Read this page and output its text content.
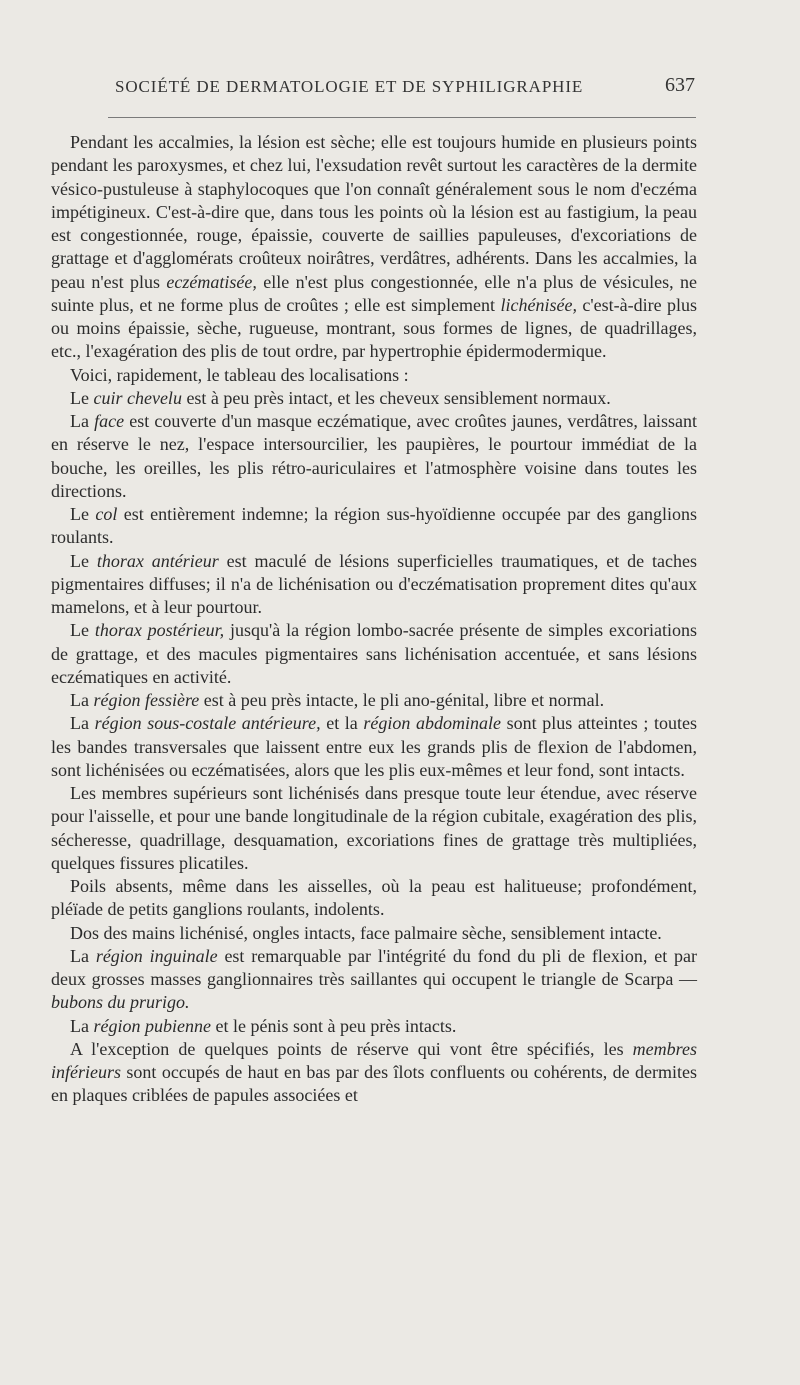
SOCIÉTÉ DE DERMATOLOGIE ET DE SYPHILIGRAPHIE	637

Pendant les accalmies, la lésion est sèche; elle est toujours humide en plusieurs points pendant les paroxysmes, et chez lui, l'exsudation revêt surtout les caractères de la dermite vésico-pustuleuse à staphylocoques que l'on connaît généralement sous le nom d'eczéma impétigineux. C'est-à-dire que, dans tous les points où la lésion est au fastigium, la peau est congestionnée, rouge, épaissie, couverte de saillies papuleuses, d'excoriations de grattage et d'agglomérats croûteux noirâtres, verdâtres, adhérents. Dans les accalmies, la peau n'est plus eczématisée, elle n'est plus congestionnée, elle n'a plus de vésicules, ne suinte plus, et ne forme plus de croûtes ; elle est simplement lichénisée, c'est-à-dire plus ou moins épaissie, sèche, rugueuse, montrant, sous formes de lignes, de quadrillages, etc., l'exagération des plis de tout ordre, par hypertrophie épidermodermique.

Voici, rapidement, le tableau des localisations :

Le cuir chevelu est à peu près intact, et les cheveux sensiblement normaux.

La face est couverte d'un masque eczématique, avec croûtes jaunes, verdâtres, laissant en réserve le nez, l'espace intersourcilier, les paupières, le pourtour immédiat de la bouche, les oreilles, les plis rétro-auriculaires et l'atmosphère voisine dans toutes les directions.

Le col est entièrement indemne; la région sus-hyoïdienne occupée par des ganglions roulants.

Le thorax antérieur est maculé de lésions superficielles traumatiques, et de taches pigmentaires diffuses; il n'a de lichénisation ou d'eczématisation proprement dites qu'aux mamelons, et à leur pourtour.

Le thorax postérieur, jusqu'à la région lombo-sacrée présente de simples excoriations de grattage, et des macules pigmentaires sans lichénisation accentuée, et sans lésions eczématiques en activité.

La région fessière est à peu près intacte, le pli ano-génital, libre et normal.

La région sous-costale antérieure, et la région abdominale sont plus atteintes ; toutes les bandes transversales que laissent entre eux les grands plis de flexion de l'abdomen, sont lichénisées ou eczématisées, alors que les plis eux-mêmes et leur fond, sont intacts.

Les membres supérieurs sont lichénisés dans presque toute leur étendue, avec réserve pour l'aisselle, et pour une bande longitudinale de la région cubitale, exagération des plis, sécheresse, quadrillage, desquamation, excoriations fines de grattage très multipliées, quelques fissures plicatiles.

Poils absents, même dans les aisselles, où la peau est halitueuse; profondément, pléïade de petits ganglions roulants, indolents.

Dos des mains lichénisé, ongles intacts, face palmaire sèche, sensiblement intacte.

La région inguinale est remarquable par l'intégrité du fond du pli de flexion, et par deux grosses masses ganglionnaires très saillantes qui occupent le triangle de Scarpa — bubons du prurigo.

La région pubienne et le pénis sont à peu près intacts.

A l'exception de quelques points de réserve qui vont être spécifiés, les membres inférieurs sont occupés de haut en bas par des îlots confluents ou cohérents, de dermites en plaques criblées de papules associées et
